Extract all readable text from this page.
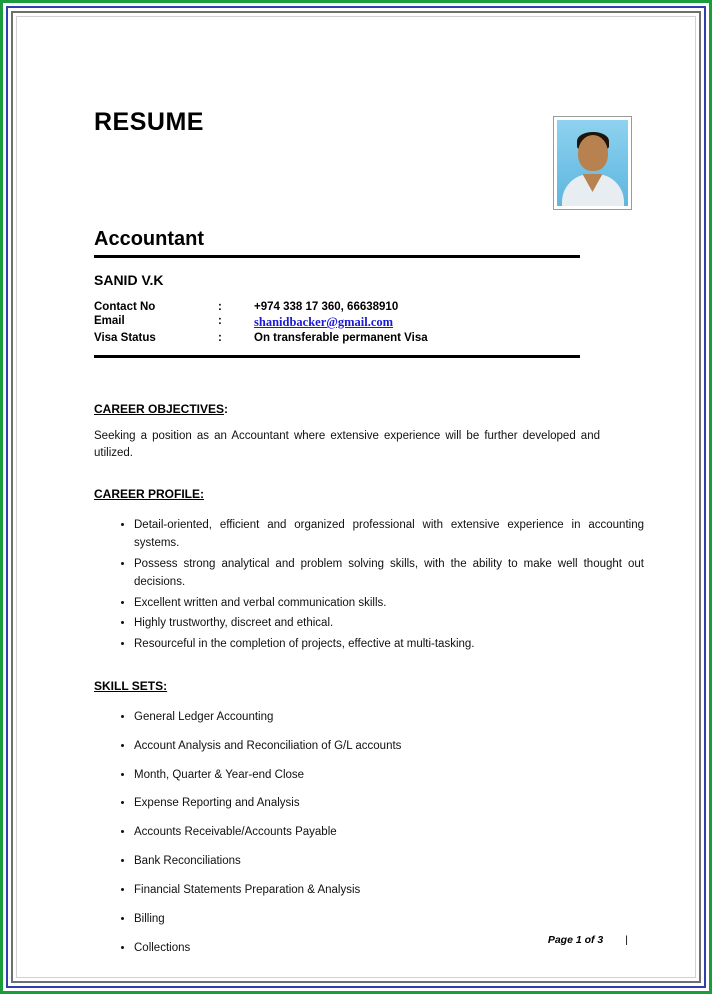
RESUME
Accountant
SANID V.K
Contact No	:	+974 338 17 360, 66638910
Email	:	shanidbacker@gmail.com
Visa Status	:	On transferable permanent Visa
CAREER OBJECTIVES:

Seeking a position as an Accountant where extensive experience will be further developed and utilized.

CAREER PROFILE:
• Detail-oriented, efficient and organized professional with extensive experience in accounting systems.
• Possess strong analytical and problem solving skills, with the ability to make well thought out decisions.
• Excellent written and verbal communication skills.
• Highly trustworthy, discreet and ethical.
• Resourceful in the completion of projects, effective at multi-tasking.
SKILL SETS:
• General Ledger Accounting
• Account Analysis and Reconciliation of G/L accounts
• Month, Quarter & Year-end Close
• Expense Reporting and Analysis
• Accounts Receivable/Accounts Payable
• Bank Reconciliations
• Financial Statements Preparation & Analysis
• Billing
• Collections
Page 1 of 3 |
